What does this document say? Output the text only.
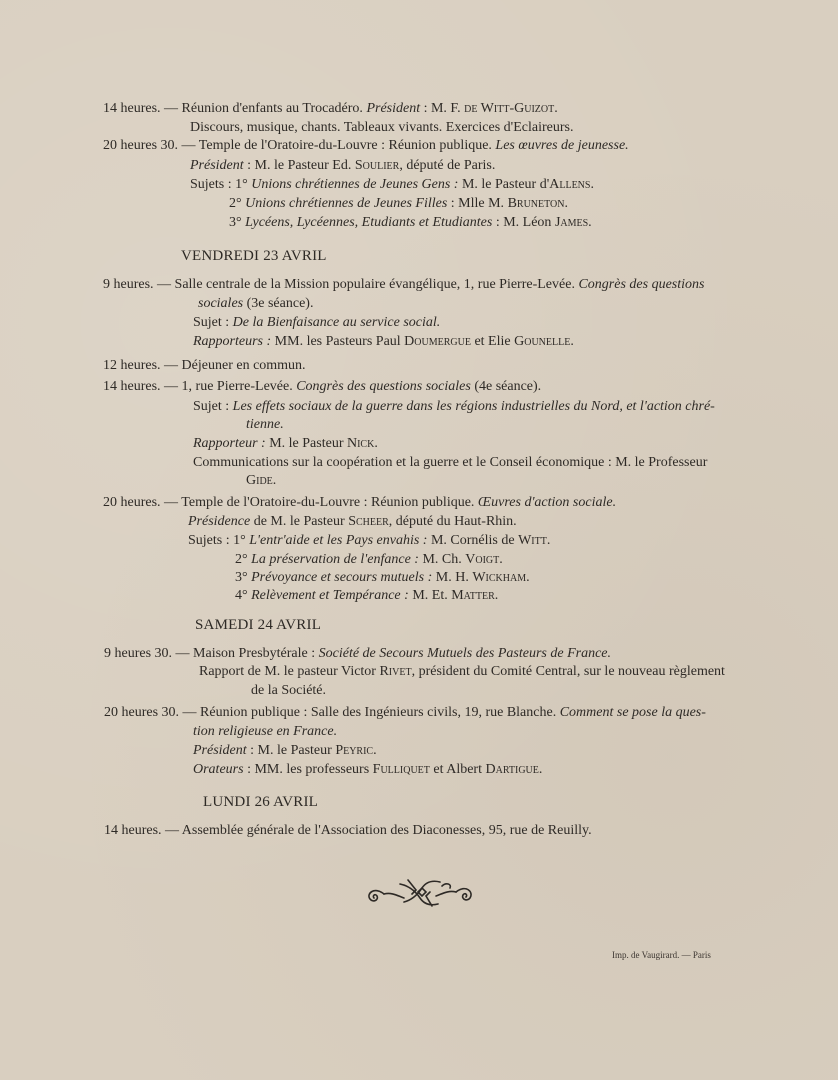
14 heures. — Réunion d'enfants au Trocadéro. Président : M. F. de Witt-Guizot.
Discours, musique, chants. Tableaux vivants. Exercices d'Eclaireurs.
20 heures 30. — Temple de l'Oratoire-du-Louvre : Réunion publique. Les œuvres de jeunesse.
Président : M. le Pasteur Ed. Soulier, député de Paris.
Sujets : 1° Unions chrétiennes de Jeunes Gens : M. le Pasteur d'Allens.
2° Unions chrétiennes de Jeunes Filles : Mlle M. Bruneton.
3° Lycéens, Lycéennes, Etudiants et Etudiantes : M. Léon James.
VENDREDI 23 AVRIL
9 heures. — Salle centrale de la Mission populaire évangélique, 1, rue Pierre-Levée. Congrès des questions
sociales (3e séance).
Sujet : De la Bienfaisance au service social.
Rapporteurs : MM. les Pasteurs Paul Doumergue et Elie Gounelle.
12 heures. — Déjeuner en commun.
14 heures. — 1, rue Pierre-Levée. Congrès des questions sociales (4e séance).
Sujet : Les effets sociaux de la guerre dans les régions industrielles du Nord, et l'action chré-
tienne.
Rapporteur : M. le Pasteur Nick.
Communications sur la coopération et la guerre et le Conseil économique : M. le Professeur
Gide.
20 heures. — Temple de l'Oratoire-du-Louvre : Réunion publique. Œuvres d'action sociale.
Présidence de M. le Pasteur Scheer, député du Haut-Rhin.
Sujets : 1° L'entr'aide et les Pays envahis : M. Cornélis de Witt.
2° La préservation de l'enfance : M. Ch. Voigt.
3° Prévoyance et secours mutuels : M. H. Wickham.
4° Relèvement et Tempérance : M. Et. Matter.
SAMEDI 24 AVRIL
9 heures 30. — Maison Presbytérale : Société de Secours Mutuels des Pasteurs de France.
Rapport de M. le pasteur Victor Rivet, président du Comité Central, sur le nouveau règlement
de la Société.
20 heures 30. — Réunion publique : Salle des Ingénieurs civils, 19, rue Blanche. Comment se pose la ques-
tion religieuse en France.
Président : M. le Pasteur Peyric.
Orateurs : MM. les professeurs Fulliquet et Albert Dartigue.
LUNDI 26 AVRIL
14 heures. — Assemblée générale de l'Association des Diaconesses, 95, rue de Reuilly.
Imp. de Vaugirard. — Paris
